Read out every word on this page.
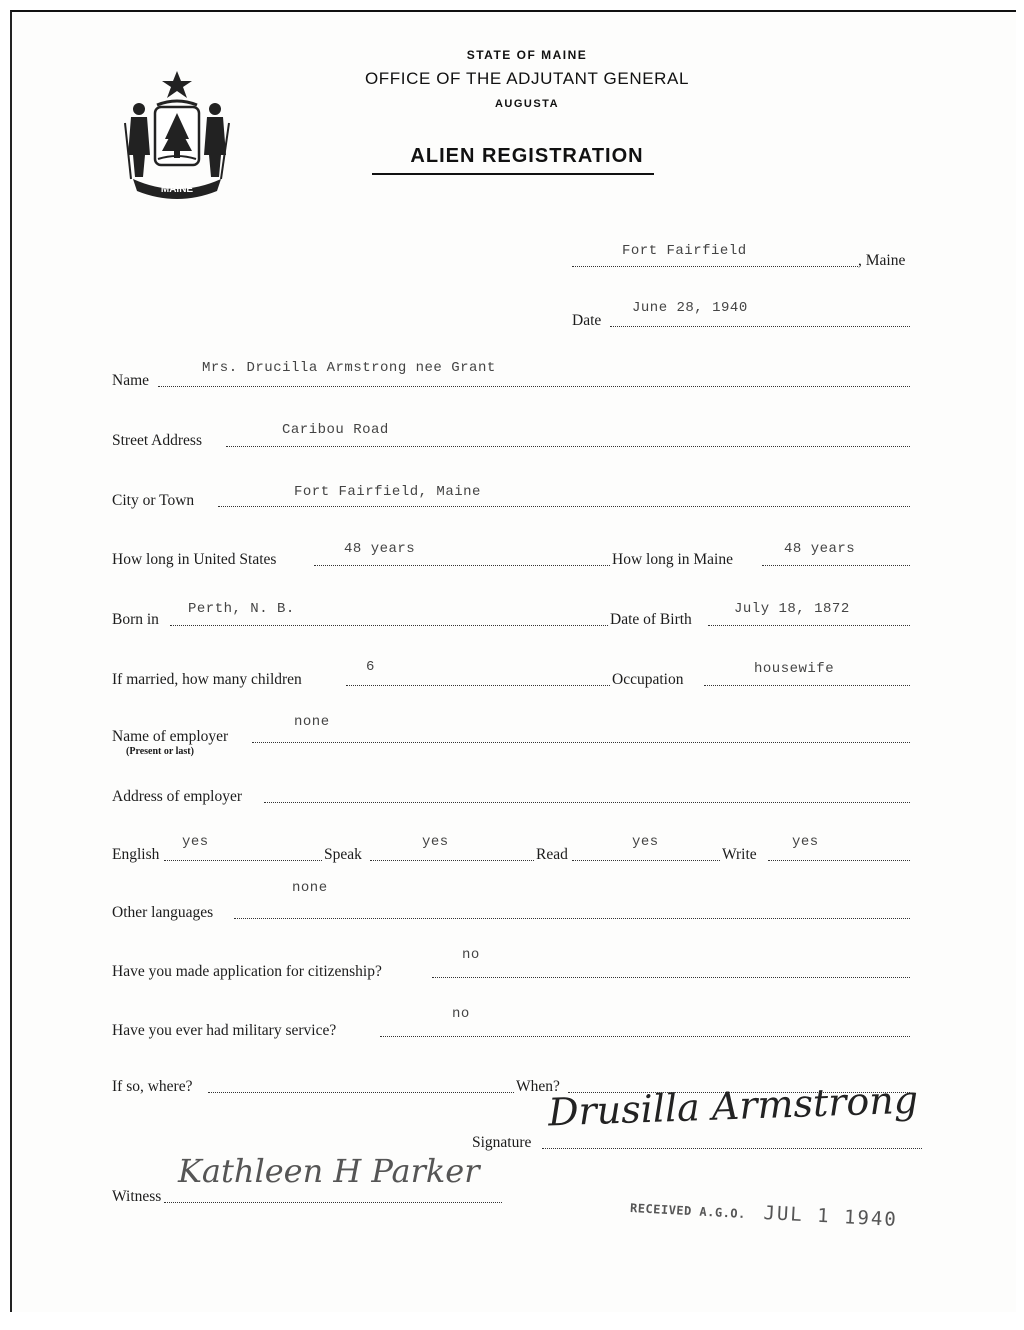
MAINE
STATE OF MAINE
OFFICE OF THE ADJUTANT GENERAL
AUGUSTA
ALIEN REGISTRATION
Fort Fairfield
, Maine
Date
June 28, 1940
Name
Mrs. Drucilla Armstrong nee Grant
Street Address
Caribou Road
City or Town	Fort Fairfield, Maine
How long in United States
48 years
How long in Maine
48 years
Born in
Perth, N. B.
Date of Birth
July 18, 1872
If married, how many children
6
Occupation
housewife
Name of employer
none
(Present or last)
Address of employer
English
yes
Speak
yes
Read
yes
Write
yes
Other languages
none
Have you made application for citizenship?
no
Have you ever had military service?
no
If so, where?	When?
Signature
Drusilla Armstrong
Witness
Kathleen H Parker
RECEIVED A.G.O. JUL 1 1940
